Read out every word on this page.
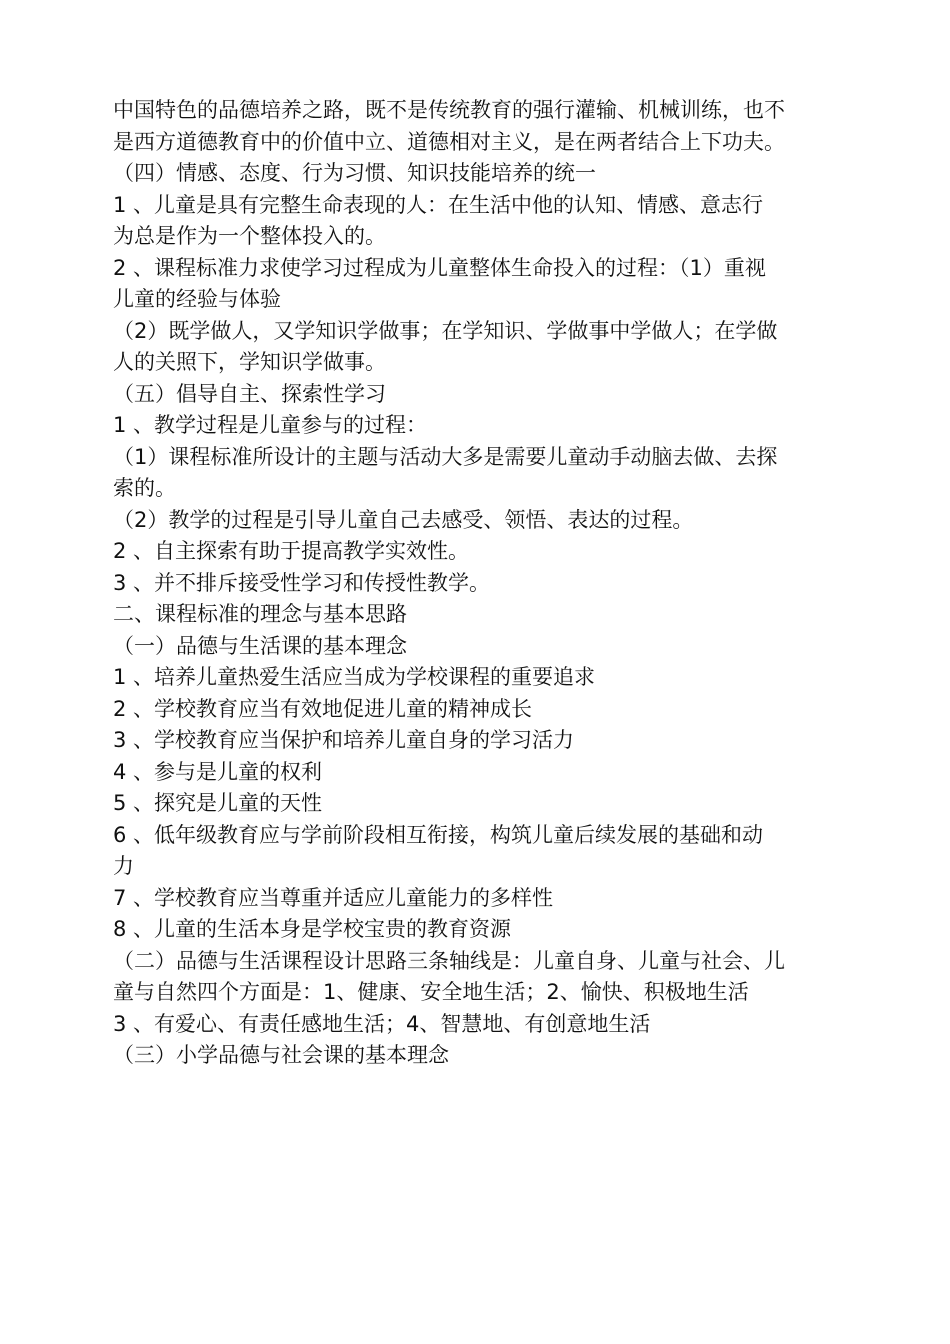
中国特色的品德培养之路，既不是传统教育的强行灌输、机械训练，也不
是西方道德教育中的价值中立、道德相对主义，是在两者结合上下功夫。
（四）情感、态度、行为习惯、知识技能培养的统一
1 、儿童是具有完整生命表现的人：在生活中他的认知、情感、意志行
为总是作为一个整体投入的。
2 、课程标准力求使学习过程成为儿童整体生命投入的过程：（1）重视
儿童的经验与体验
（2）既学做人，又学知识学做事；在学知识、学做事中学做人；在学做
人的关照下，学知识学做事。
（五）倡导自主、探索性学习
1 、教学过程是儿童参与的过程：
（1）课程标准所设计的主题与活动大多是需要儿童动手动脑去做、去探
索的。
（2）教学的过程是引导儿童自己去感受、领悟、表达的过程。
2 、自主探索有助于提高教学实效性。
3 、并不排斥接受性学习和传授性教学。
二、课程标准的理念与基本思路
（一）品德与生活课的基本理念
1 、培养儿童热爱生活应当成为学校课程的重要追求
2 、学校教育应当有效地促进儿童的精神成长
3 、学校教育应当保护和培养儿童自身的学习活力
4 、参与是儿童的权利
5 、探究是儿童的天性
6 、低年级教育应与学前阶段相互衔接，构筑儿童后续发展的基础和动
力
7 、学校教育应当尊重并适应儿童能力的多样性
8 、儿童的生活本身是学校宝贵的教育资源
（二）品德与生活课程设计思路三条轴线是：儿童自身、儿童与社会、儿
童与自然四个方面是：1、健康、安全地生活；2、愉快、积极地生活
3 、有爱心、有责任感地生活；4、智慧地、有创意地生活
（三）小学品德与社会课的基本理念
